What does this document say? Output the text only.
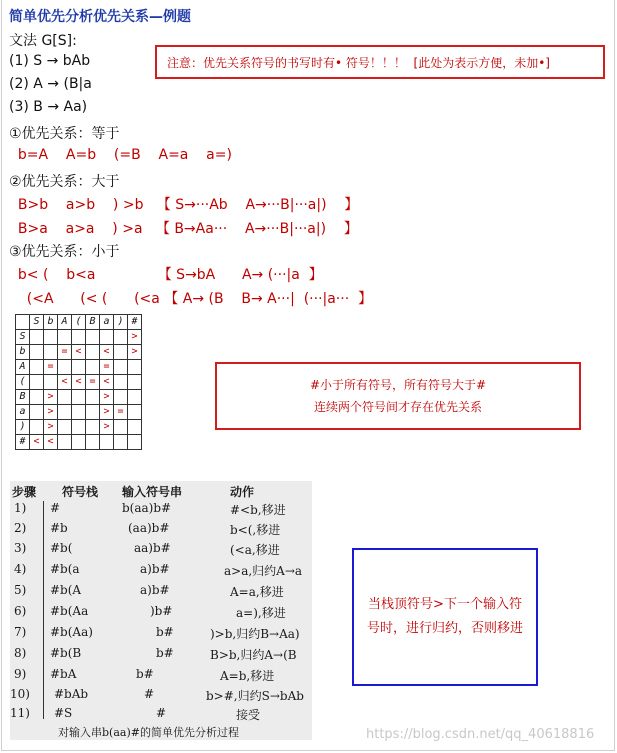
简单优先分析优先关系—例题
文法 G[S]:
(1) S → bAb
(2) A → (B|a
(3) B → Aa)
注意：优先关系符号的书写时有• 符号！！！  [此处为表示方便，未加•]
①优先关系：等于
b=A    A=b    (=B    A=a    a=)
②优先关系：大于
B>b    a>b    ) >b   【 S→···Ab    A→···B|···a|)    】
B>a    a>a    ) >a   【 B→Aa···    A→···B|···a|)    】
③优先关系：小于
b< (    b<a              【 S→bA      A→ (···|a  】
(<A      (< (      (<a 【 A→ (B    B→ A···|  (···|a···  】
	S	b	A	(	B	a	)	#
S								>
b			=	<		<		>
A		=				=		
(			<	<	=	<		
B		>				>		
a		>				>	=	
)		>				>		
#	<	<						
#小于所有符号，所有符号大于#
连续两个符号间才存在优先关系
步骤 符号栈 输入符号串	动作
1) #	b(aa)b#	#<b,移进
2) #b	(aa)b#	b<(,移进
3) #b(	aa)b#	(<a,移进
4) #b(a	a)b#	a>a,归约A→a
5) #b(A	a)b#	A=a,移进
6) #b(Aa	)b#	a=),移进
7) #b(Aa)	b#	)>b,归约B→Aa)
8) #b(B	b#	B>b,归约A→(B
9) #bA	b#	A=b,移进
10) #bAb	#	b>#,归约S→bAb
11) #S	#	接受
对输入串b(aa)#的简单优先分析过程
当栈顶符号>下一个输入符号时，进行归约，否则移进
https://blog.csdn.net/qq_40618816
